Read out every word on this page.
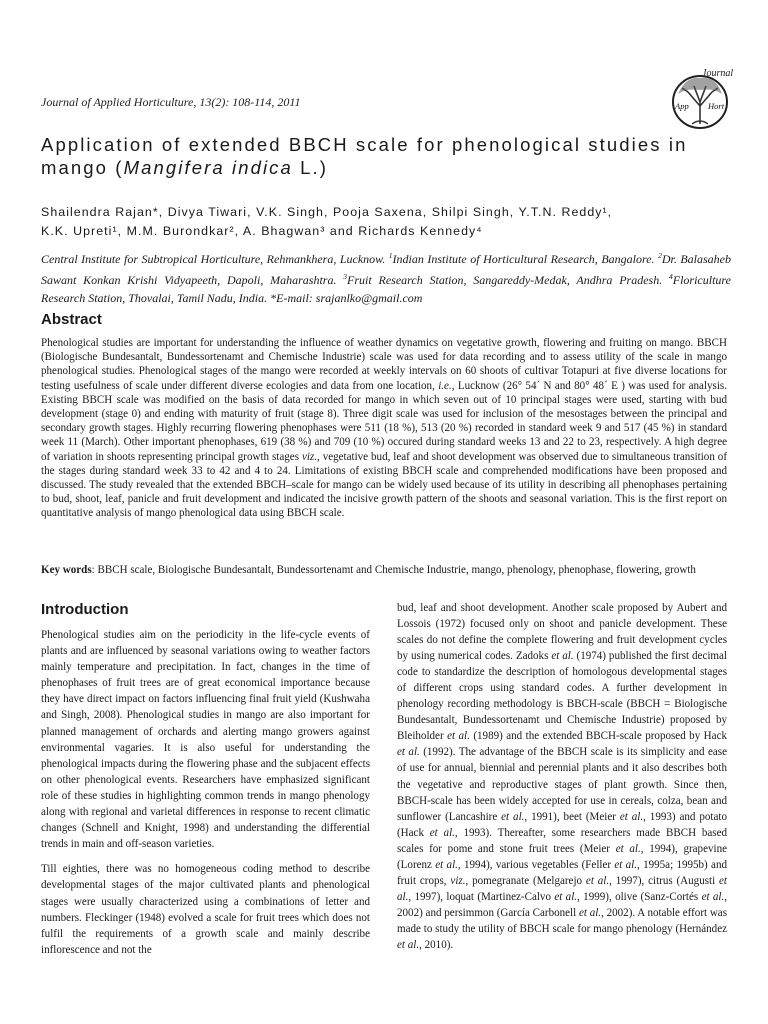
Journal of Applied Horticulture, 13(2): 108-114, 2011
Journal
App Hort
Application of extended BBCH scale for phenological studies in mango (Mangifera indica L.)
Shailendra Rajan*, Divya Tiwari, V.K. Singh, Pooja Saxena, Shilpi Singh, Y.T.N. Reddy¹,
K.K. Upreti¹, M.M. Burondkar², A. Bhagwan³ and Richards Kennedy⁴
Central Institute for Subtropical Horticulture, Rehmankhera, Lucknow. $^1$Indian Institute of Horticultural Research, Bangalore. $^2$Dr. Balasaheb Sawant Konkan Krishi Vidyapeeth, Dapoli, Maharashtra. $^3$Fruit Research Station, Sangareddy-Medak, Andhra Pradesh. $^4$Floriculture Research Station, Thovalai, Tamil Nadu, India. *E-mail: srajanlko@gmail.com
Abstract
Phenological studies are important for understanding the influence of weather dynamics on vegetative growth, flowering and fruiting on mango. BBCH (Biologische Bundesantalt, Bundessortenamt and Chemische Industrie) scale was used for data recording and to assess utility of the scale in mango phenological studies. Phenological stages of the mango were recorded at weekly intervals on 60 shoots of cultivar Totapuri at five diverse locations for testing usefulness of scale under different diverse ecologies and data from one location, i.e., Lucknow (26° 54´ N and 80° 48´ E ) was used for analysis. Existing BBCH scale was modified on the basis of data recorded for mango in which seven out of 10 principal stages were used, starting with bud development (stage 0) and ending with maturity of fruit (stage 8). Three digit scale was used for inclusion of the mesostages between the principal and secondary growth stages. Highly recurring flowering phenophases were 511 (18 %), 513 (20 %) recorded in standard week 9 and 517 (45 %) in standard week 11 (March). Other important phenophases, 619 (38 %) and 709 (10 %) occured during standard weeks 13 and 22 to 23, respectively. A high degree of variation in shoots representing principal growth stages viz., vegetative bud, leaf and shoot development was observed due to simultaneous transition of the stages during standard week 33 to 42 and 4 to 24. Limitations of existing BBCH scale and comprehended modifications have been proposed and discussed. The study revealed that the extended BBCH–scale for mango can be widely used because of its utility in describing all phenophases pertaining to bud, shoot, leaf, panicle and fruit development and indicated the incisive growth pattern of the shoots and seasonal variation. This is the first report on quantitative analysis of mango phenological data using BBCH scale.
Key words: BBCH scale, Biologische Bundesantalt, Bundessortenamt and Chemische Industrie, mango, phenology, phenophase, flowering, growth
Introduction

Phenological studies aim on the periodicity in the life-cycle events of plants and are influenced by seasonal variations owing to weather factors mainly temperature and precipitation. In fact, changes in the time of phenophases of fruit trees are of great economical importance because they have direct impact on factors influencing final fruit yield (Kushwaha and Singh, 2008). Phenological studies in mango are also important for planned management of orchards and alerting mango growers against environmental vagaries. It is also useful for understanding the phenological impacts during the flowering phase and the subjacent effects on other phenological events. Researchers have emphasized significant role of these studies in highlighting common trends in mango phenology along with regional and varietal differences in response to recent climatic changes (Schnell and Knight, 1998) and understanding the differential trends in main and off-season varieties.

Till eighties, there was no homogeneous coding method to describe developmental stages of the major cultivated plants and phenological stages were usually characterized using a combinations of letter and numbers. Fleckinger (1948) evolved a scale for fruit trees which does not fulfil the requirements of a growth scale and mainly describe inflorescence and not the

bud, leaf and shoot development. Another scale proposed by Aubert and Lossois (1972) focused only on shoot and panicle development. These scales do not define the complete flowering and fruit development cycles by using numerical codes. Zadoks et al. (1974) published the first decimal code to standardize the description of homologous developmental stages of different crops using standard codes. A further development in phenology recording methodology is BBCH-scale (BBCH = Biologische Bundesantalt, Bundessortenamt und Chemische Industrie) proposed by Bleiholder et al. (1989) and the extended BBCH-scale proposed by Hack et al. (1992). The advantage of the BBCH scale is its simplicity and ease of use for annual, biennial and perennial plants and it also describes both the vegetative and reproductive stages of plant growth. Since then, BBCH-scale has been widely accepted for use in cereals, colza, bean and sunflower (Lancashire et al., 1991), beet (Meier et al., 1993) and potato (Hack et al., 1993). Thereafter, some researchers made BBCH based scales for pome and stone fruit trees (Meier et al., 1994), grapevine (Lorenz et al., 1994), various vegetables (Feller et al., 1995a; 1995b) and fruit crops, viz., pomegranate (Melgarejo et al., 1997), citrus (Augusti et al., 1997), loquat (Martinez-Calvo et al., 1999), olive (Sanz-Cortés et al., 2002) and persimmon (García Carbonell et al., 2002). A notable effort was made to study the utility of BBCH scale for mango phenology (Hernández et al., 2010).
